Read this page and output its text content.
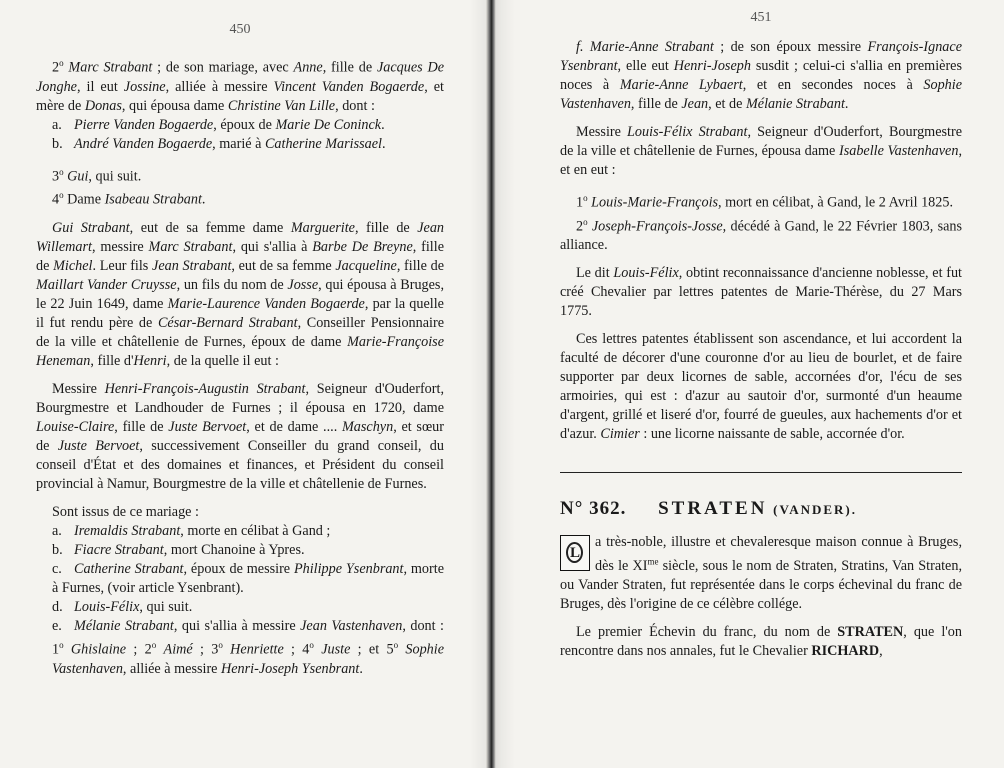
450

2$^o$ Marc Strabant ; de son mariage, avec Anne, fille de Jacques De Jonghe, il eut Jossine, alliée à messire Vincent Vanden Bogaerde, et mère de Donas, qui épousa dame Christine Van Lille, dont :

a. Pierre Vanden Bogaerde, époux de Marie De Coninck.

b. André Vanden Bogaerde, marié à Catherine Marissael.

3$^o$ Gui, qui suit.

4$^o$ Dame Isabeau Strabant.

Gui Strabant, eut de sa femme dame Marguerite, fille de Jean Willemart, messire Marc Strabant, qui s'allia à Barbe De Breyne, fille de Michel. Leur fils Jean Strabant, eut de sa femme Jacqueline, fille de Maillart Vander Cruysse, un fils du nom de Josse, qui épousa à Bruges, le 22 Juin 1649, dame Marie-Laurence Vanden Bogaerde, par la quelle il fut rendu père de César-Bernard Strabant, Conseiller Pensionnaire de la ville et châtellenie de Furnes, époux de dame Marie-Françoise Heneman, fille d'Henri, de la quelle il eut :

Messire Henri-François-Augustin Strabant, Seigneur d'Ouderfort, Bourgmestre et Landhouder de Furnes ; il épousa en 1720, dame Louise-Claire, fille de Juste Bervoet, et de dame .... Maschyn, et sœur de Juste Bervoet, successivement Conseiller du grand conseil, du conseil d'État et des domaines et finances, et Président du conseil provincial à Namur, Bourgmestre de la ville et châtellenie de Furnes.

Sont issus de ce mariage :

a. Iremaldis Strabant, morte en célibat à Gand ;

b. Fiacre Strabant, mort Chanoine à Ypres.

c. Catherine Strabant, époux de messire Philippe Ysenbrant, morte à Furnes, (voir article Ysenbrant).

d. Louis-Félix, qui suit.

e. Mélanie Strabant, qui s'allia à messire Jean Vastenhaven, dont : 1$^o$ Ghislaine ; 2$^o$ Aimé ; 3$^o$ Henriette ; 4$^o$ Juste ; et 5$^o$ Sophie Vastenhaven, alliée à messire Henri-Joseph Ysenbrant.

451

f. Marie-Anne Strabant ; de son époux messire François-Ignace Ysenbrant, elle eut Henri-Joseph susdit ; celui-ci s'allia en premières noces à Marie-Anne Lybaert, et en secondes noces à Sophie Vastenhaven, fille de Jean, et de Mélanie Strabant.

Messire Louis-Félix Strabant, Seigneur d'Ouderfort, Bourgmestre de la ville et châtellenie de Furnes, épousa dame Isabelle Vastenhaven, et en eut :

1$^o$ Louis-Marie-François, mort en célibat, à Gand, le 2 Avril 1825.

2$^o$ Joseph-François-Josse, décédé à Gand, le 22 Février 1803, sans alliance.

Le dit Louis-Félix, obtint reconnaissance d'ancienne noblesse, et fut créé Chevalier par lettres patentes de Marie-Thérèse, du 27 Mars 1775.

Ces lettres patentes établissent son ascendance, et lui accordent la faculté de décorer d'une couronne d'or au lieu de bourlet, et de faire supporter par deux licornes de sable, accornées d'or, l'écu de ses armoiries, qui est : d'azur au sautoir d'or, surmonté d'un heaume d'argent, grillé et liseré d'or, fourré de gueules, aux hachements d'or et d'azur. Cimier : une licorne naissante de sable, accornée d'or.

N° 362. STRATEN (VANDER).

L
a très-noble, illustre et chevaleresque maison connue à Bruges, dès le $XI^{me}$ siècle, sous le nom de Straten, Stratins, Van Straten, ou Vander Straten, fut représentée dans le corps échevinal du franc de Bruges, dès l'origine de ce célèbre collége.

Le premier Échevin du franc, du nom de STRATEN, que l'on rencontre dans nos annales, fut le Chevalier RICHARD,
